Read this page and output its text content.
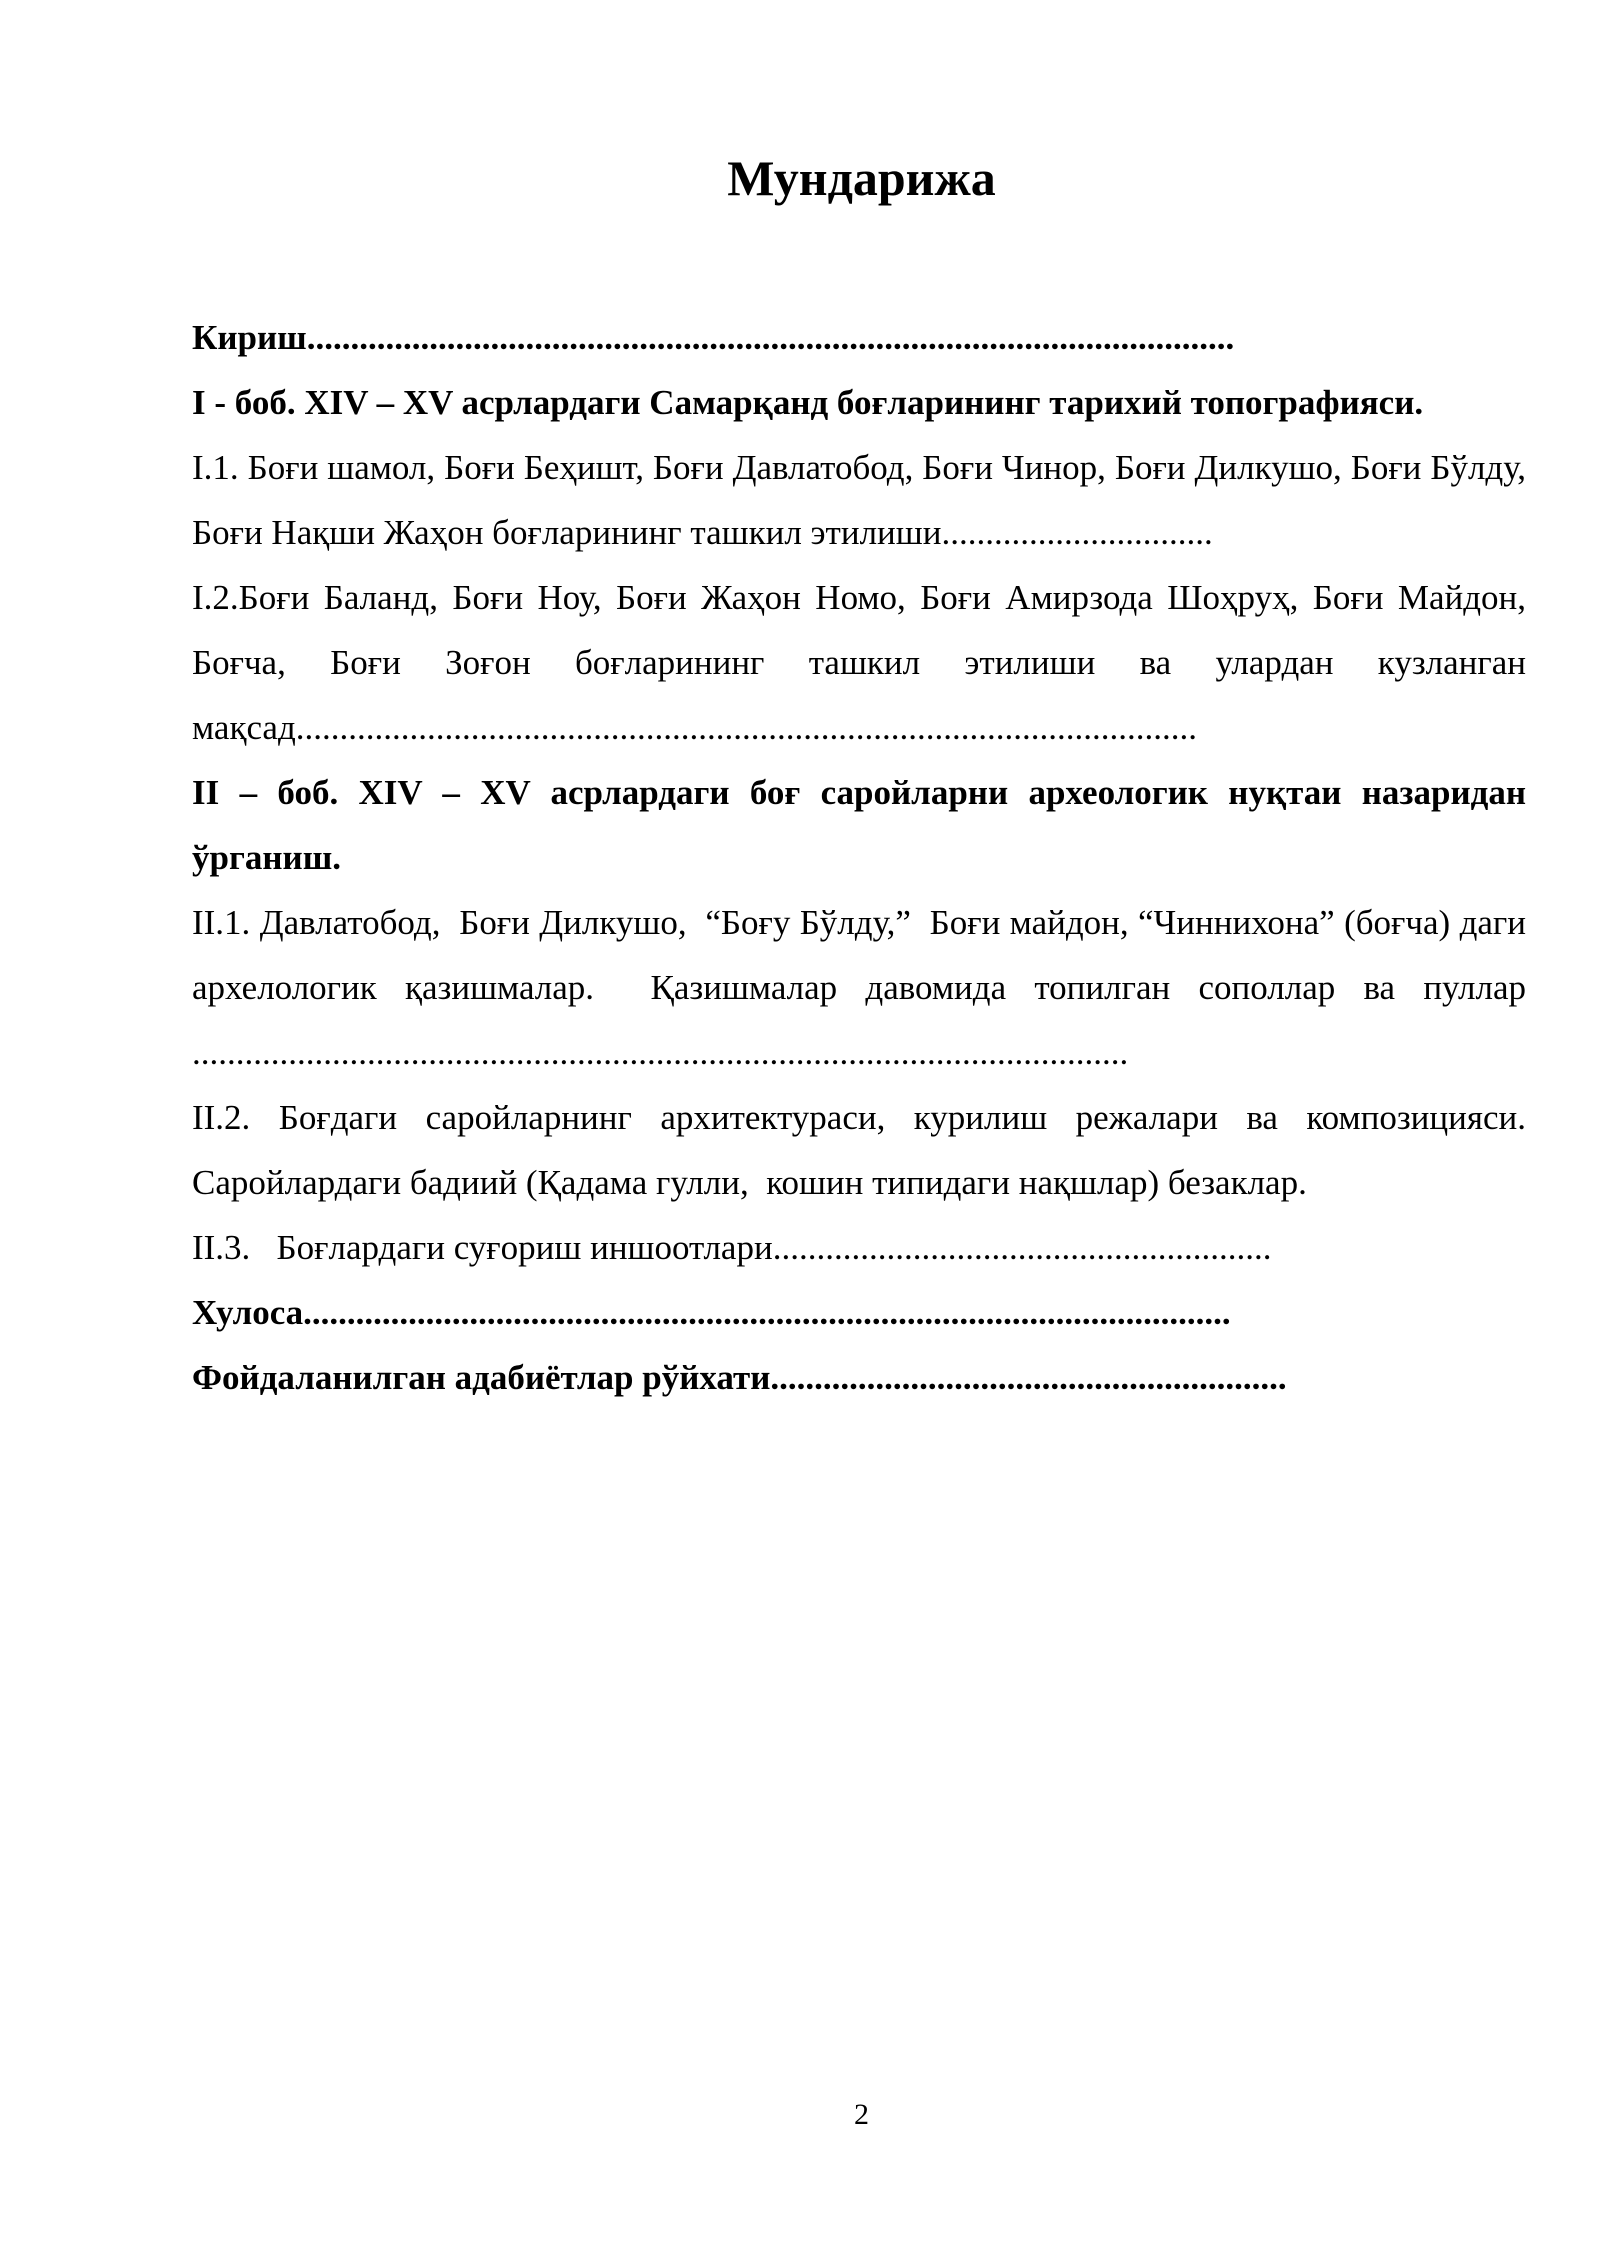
Мундарижа

Кириш..........................................................................................................

I - боб. XIV – XV асрлардаги Самарқанд боғларининг тарихий топографияси.

I.1. Боғи шамол, Боғи Беҳишт, Боғи Давлатобод, Боғи Чинор, Боғи Дилкушо, Боғи Бўлду, Боғи Нақши Жаҳон боғларининг ташкил этилиши...............................

I.2.Боғи Баланд, Боғи Ноу, Боғи Жаҳон Номо, Боғи Амирзода Шоҳруҳ, Боғи Майдон, Боғча, Боғи Зоғон боғларининг ташкил этилиши ва улардан кузланган мақсад.......................................................................................................

II – боб. XIV – XV асрлардаги боғ саройларни археологик нуқтаи назаридан ўрганиш.

II.1. Давлатобод,  Боғи Дилкушо,  “Боғу Бўлду,”  Боғи майдон, “Чиннихона” (боғча) даги  архелологик қазишмалар.  Қазишмалар давомида топилган сополлар ва пуллар ...........................................................................................................

II.2. Боғдаги саройларнинг архитектураси, курилиш режалари ва композицияси. Саройлардаги бадиий (Қадама гулли,  кошин типидаги нақшлар) безаклар.

II.3.   Боғлардаги суғориш иншоотлари.........................................................

Хулоса..........................................................................................................

Фойдаланилган адабиётлар рўйхати...........................................................

2
